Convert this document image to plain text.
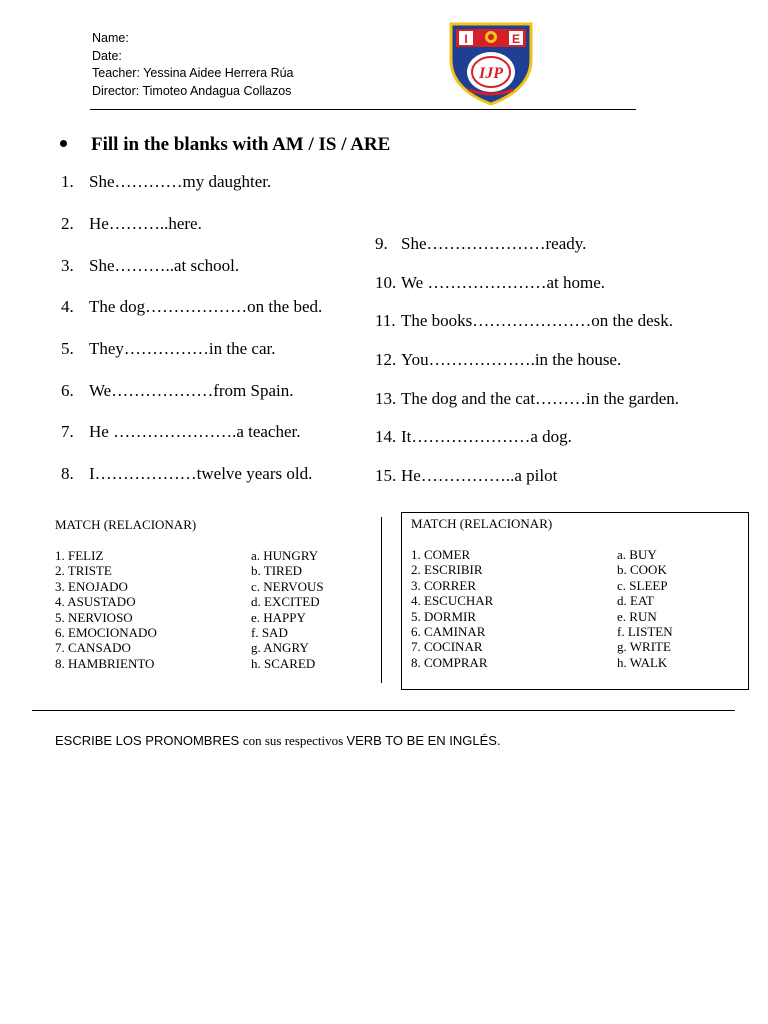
Name:
Date:
Teacher: Yessina Aidee Herrera Rúa
Director: Timoteo Andagua Collazos
I	E
IJP
Fill in the blanks with AM / IS / ARE
1. She…………my daughter.
2. He………..here.
3. She………..at school.
4. The dog………………on the bed.
5. They……………in the car.
6. We………………from Spain.
7. He ………………….a teacher.
8. I………………twelve years old.
9. She…………………ready.
10. We …………………at home.
11. The books…………………on the desk.
12. You……………….in the house.
13. The dog and the cat………in the garden.
14. It…………………a dog.
15. He……………..a pilot
MATCH (RELACIONAR)
1. FELIZ
2. TRISTE
3. ENOJADO
4. ASUSTADO
5. NERVIOSO
6. EMOCIONADO
7. CANSADO
8. HAMBRIENTO
a. HUNGRY
b. TIRED
c. NERVOUS
d. EXCITED
e. HAPPY
f. SAD
g. ANGRY
h. SCARED
MATCH (RELACIONAR)
1. COMER
2. ESCRIBIR
3. CORRER
4. ESCUCHAR
5. DORMIR
6. CAMINAR
7. COCINAR
8. COMPRAR
a. BUY
b. COOK
c. SLEEP
d. EAT
e. RUN
f. LISTEN
g. WRITE
h. WALK
ESCRIBE LOS PRONOMBRES con sus respectivos VERB TO BE EN INGLÉS.
